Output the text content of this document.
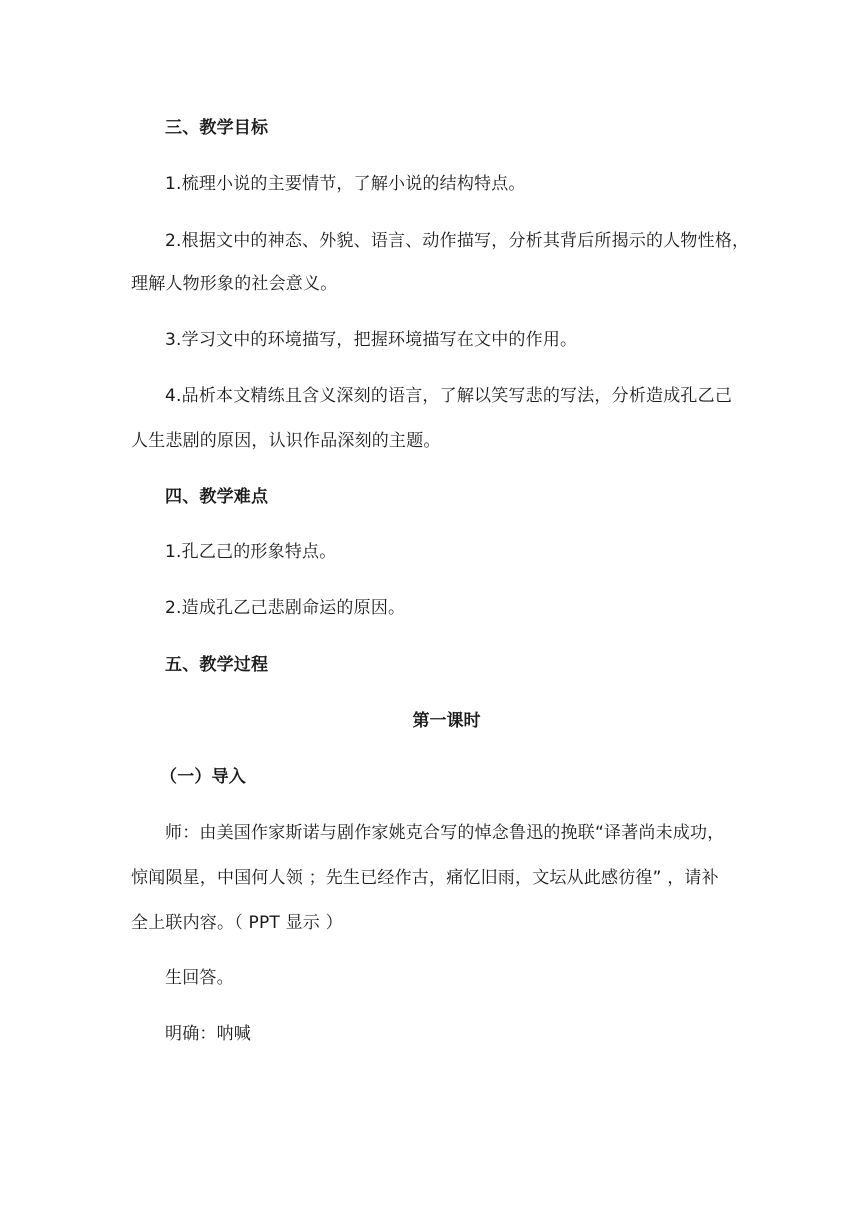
三、教学目标
1.梳理小说的主要情节，了解小说的结构特点。
2.根据文中的神态、外貌、语言、动作描写，分析其背后所揭示的人物性格，
理解人物形象的社会意义。
3.学习文中的环境描写，把握环境描写在文中的作用。
4.品析本文精练且含义深刻的语言，了解以笑写悲的写法，分析造成孔乙己
人生悲剧的原因，认识作品深刻的主题。
四、教学难点
1.孔乙己的形象特点。
2.造成孔乙己悲剧命运的原因。
五、教学过程
第一课时
（一）导入
师：由美国作家斯诺与剧作家姚克合写的悼念鲁迅的挽联“译著尚未成功，
惊闻陨星，中国何人领 ；先生已经作古，痛忆旧雨，文坛从此感彷徨” ，请补
全上联内容。（ PPT 显示 ）
生回答。
明确：呐喊
